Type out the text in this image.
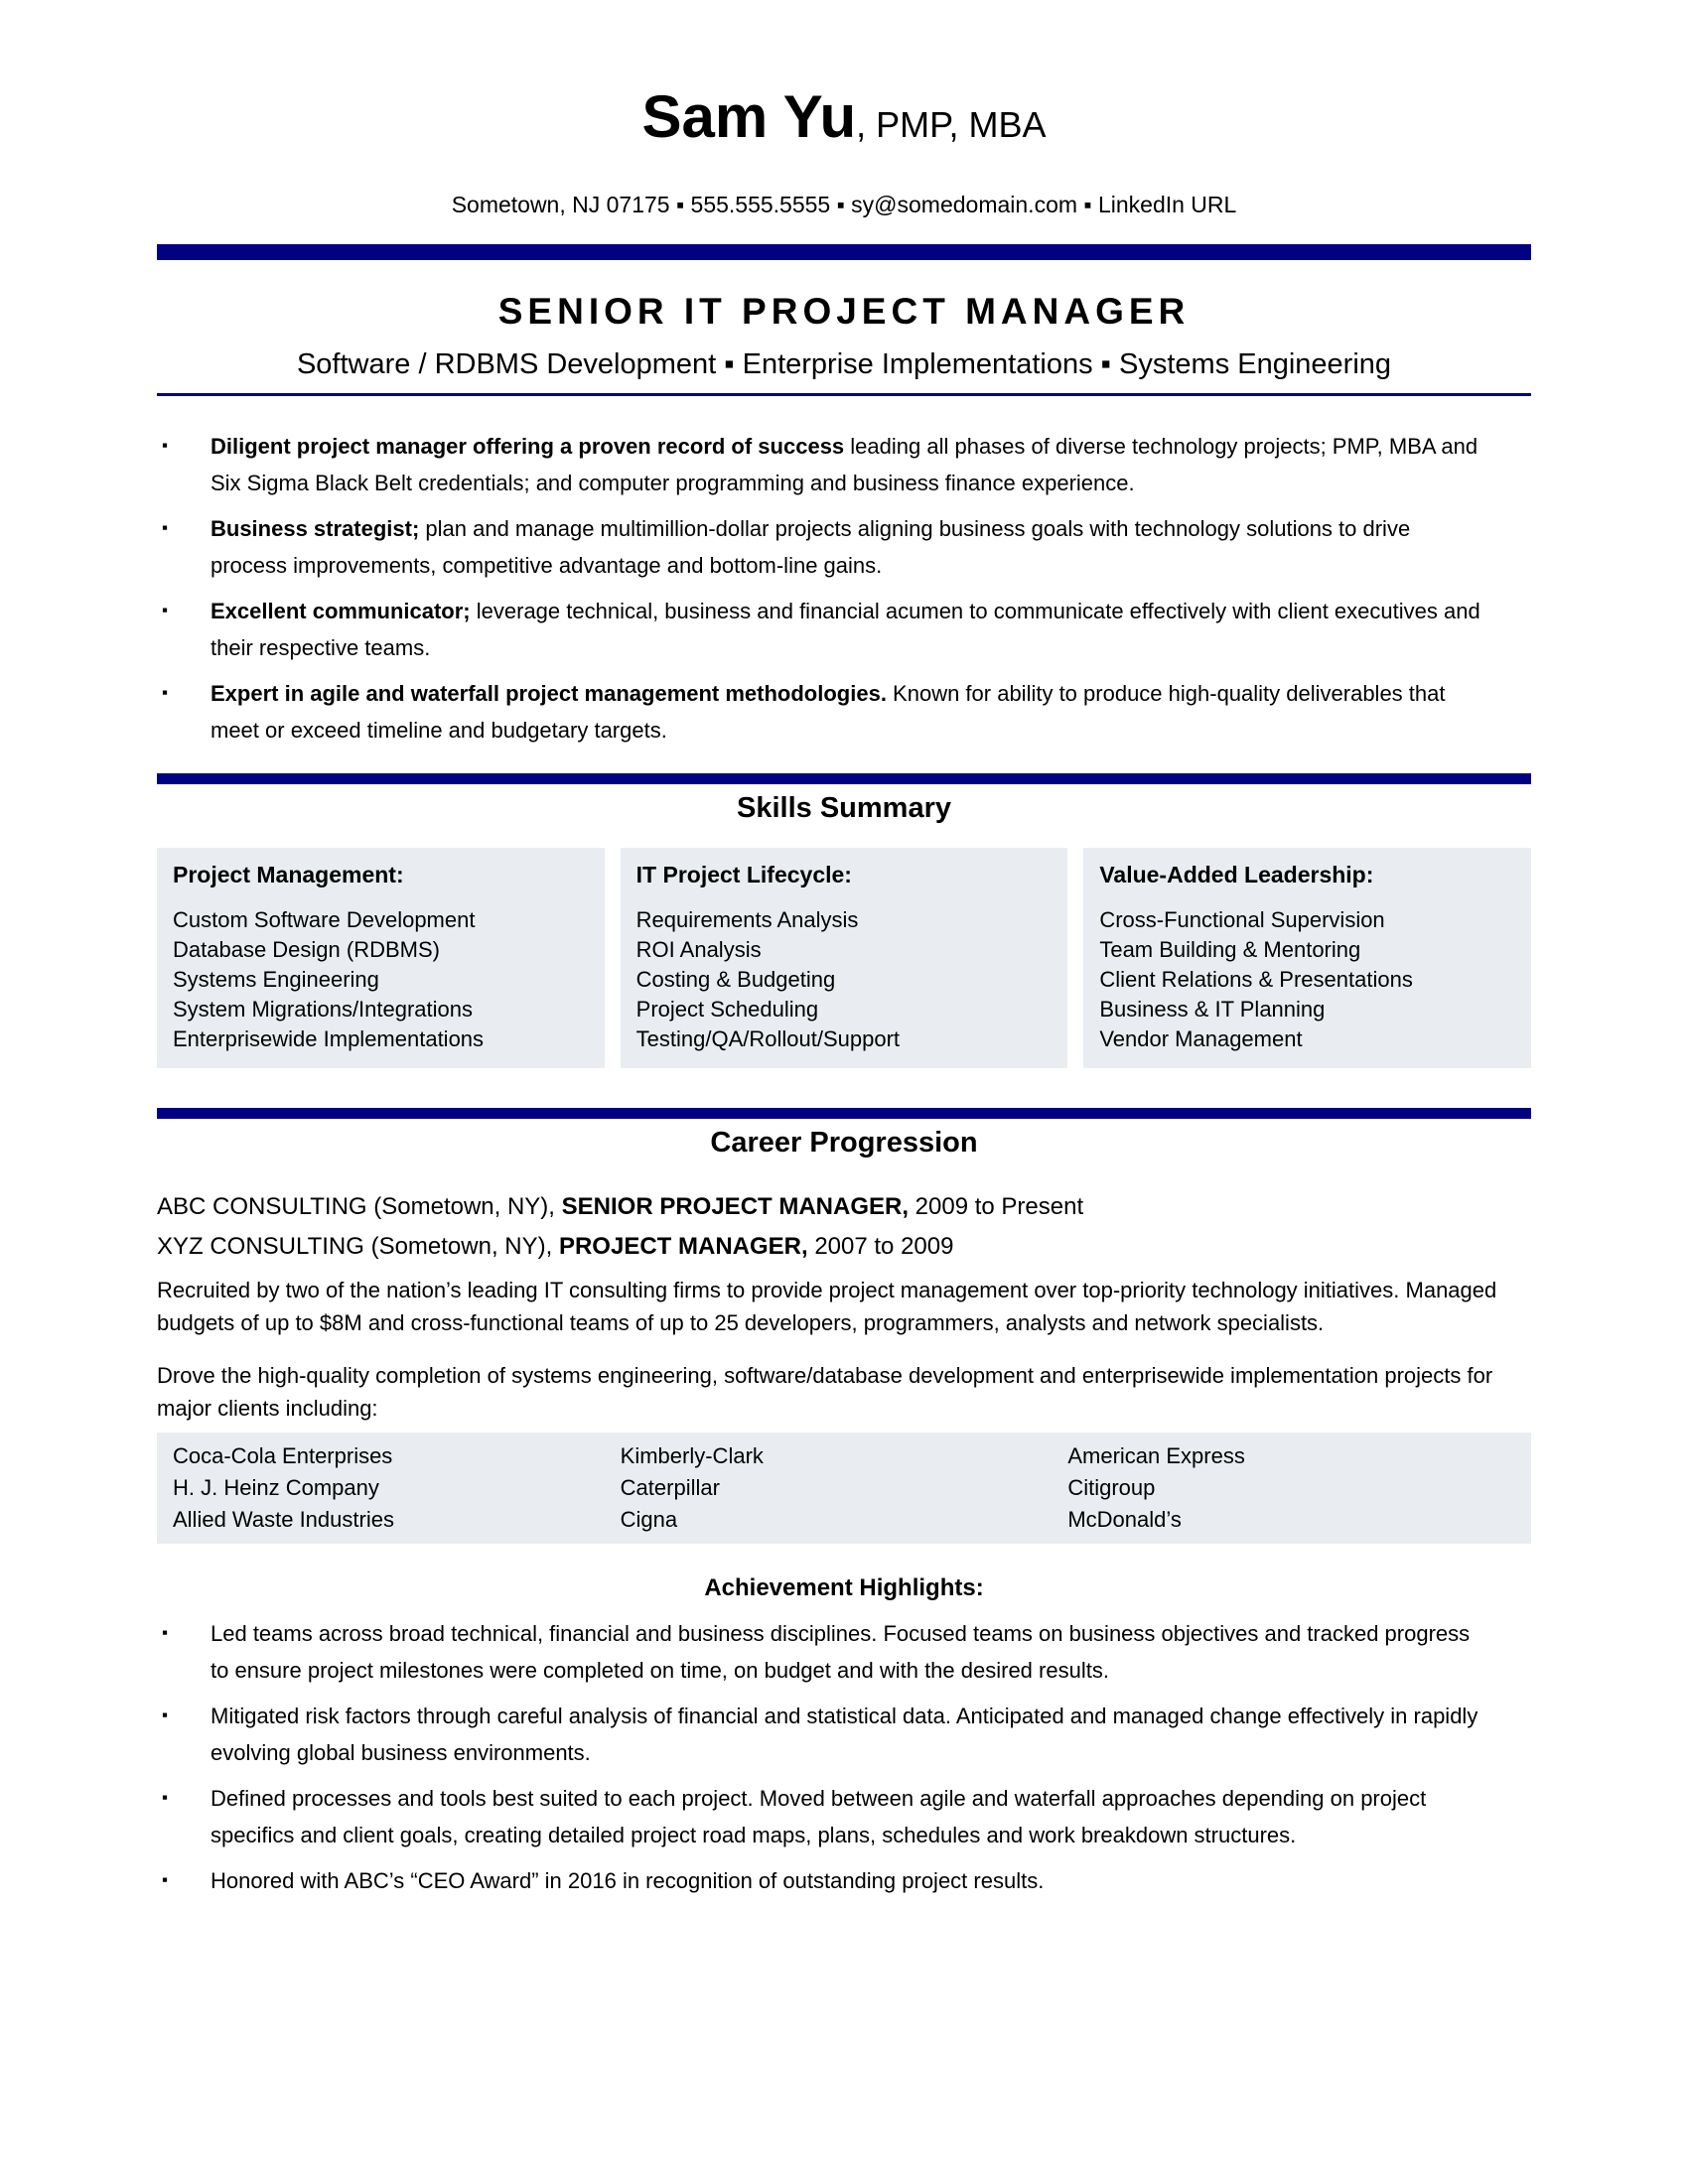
Sam Yu, PMP, MBA
Sometown, NJ 07175 ▪ 555.555.5555 ▪ sy@somedomain.com ▪ LinkedIn URL
SENIOR IT PROJECT MANAGER
Software / RDBMS Development ▪ Enterprise Implementations ▪ Systems Engineering
▪ Diligent project manager offering a proven record of success leading all phases of diverse technology projects; PMP, MBA and Six Sigma Black Belt credentials; and computer programming and business finance experience.
▪ Business strategist; plan and manage multimillion-dollar projects aligning business goals with technology solutions to drive process improvements, competitive advantage and bottom-line gains.
▪ Excellent communicator; leverage technical, business and financial acumen to communicate effectively with client executives and their respective teams.
▪ Expert in agile and waterfall project management methodologies. Known for ability to produce high-quality deliverables that meet or exceed timeline and budgetary targets.
Skills Summary
Project Management:
Custom Software Development
Database Design (RDBMS)
Systems Engineering
System Migrations/Integrations
Enterprisewide Implementations
IT Project Lifecycle:
Requirements Analysis
ROI Analysis
Costing & Budgeting
Project Scheduling
Testing/QA/Rollout/Support
Value-Added Leadership:
Cross-Functional Supervision
Team Building & Mentoring
Client Relations & Presentations
Business & IT Planning
Vendor Management
Career Progression
ABC CONSULTING (Sometown, NY), SENIOR PROJECT MANAGER, 2009 to Present
XYZ CONSULTING (Sometown, NY), PROJECT MANAGER, 2007 to 2009
Recruited by two of the nation’s leading IT consulting firms to provide project management over top-priority technology initiatives. Managed budgets of up to $8M and cross-functional teams of up to 25 developers, programmers, analysts and network specialists.
Drove the high-quality completion of systems engineering, software/database development and enterprisewide implementation projects for major clients including:
Coca-Cola Enterprises
H. J. Heinz Company
Allied Waste Industries
Kimberly-Clark
Caterpillar
Cigna
American Express
Citigroup
McDonald’s
Achievement Highlights:
▪ Led teams across broad technical, financial and business disciplines. Focused teams on business objectives and tracked progress to ensure project milestones were completed on time, on budget and with the desired results.
▪ Mitigated risk factors through careful analysis of financial and statistical data. Anticipated and managed change effectively in rapidly evolving global business environments.
▪ Defined processes and tools best suited to each project. Moved between agile and waterfall approaches depending on project specifics and client goals, creating detailed project road maps, plans, schedules and work breakdown structures.
▪ Honored with ABC’s “CEO Award” in 2016 in recognition of outstanding project results.
